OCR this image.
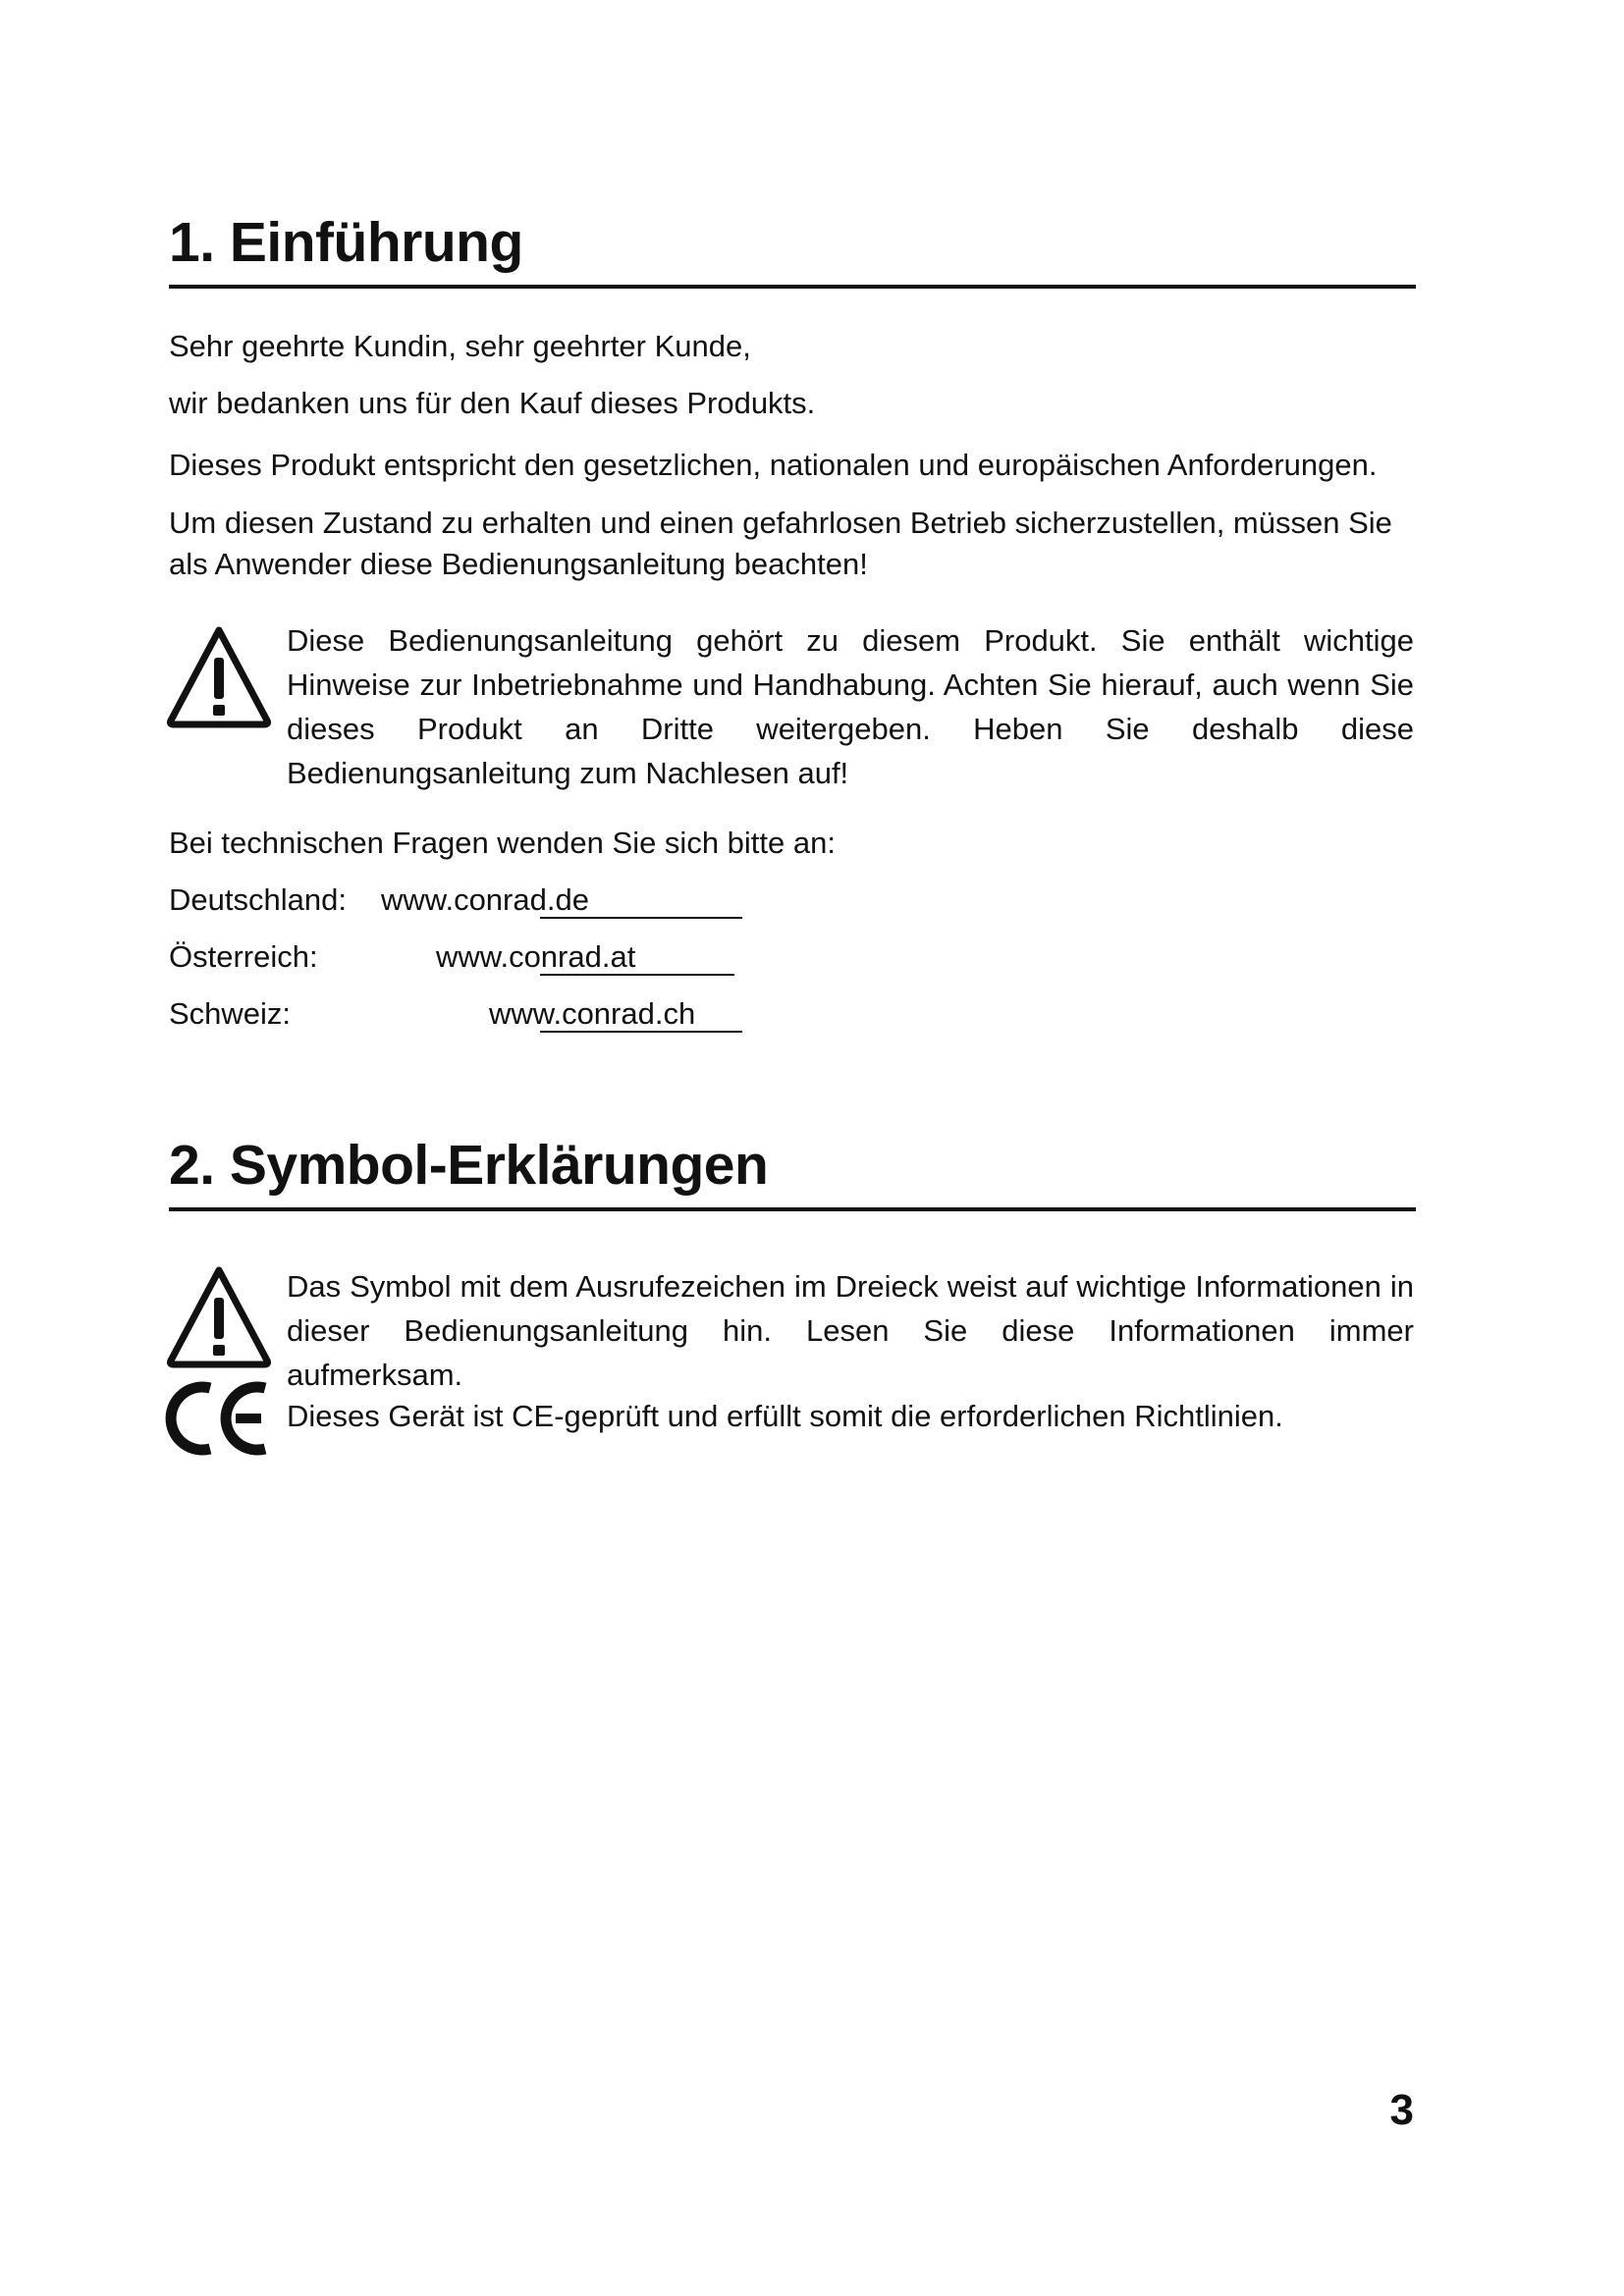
1. Einführung
Sehr geehrte Kundin, sehr geehrter Kunde,
wir bedanken uns für den Kauf dieses Produkts.
Dieses Produkt entspricht den gesetzlichen, nationalen und europäischen Anforderungen.
Um diesen Zustand zu erhalten und einen gefahrlosen Betrieb sicherzustellen, müssen Sie als Anwender diese Bedienungsanleitung beachten!
Diese Bedienungsanleitung gehört zu diesem Produkt. Sie enthält wichtige Hinweise zur Inbetriebnahme und Handhabung. Achten Sie hierauf, auch wenn Sie dieses Produkt an Dritte weitergeben. Heben Sie deshalb diese Bedienungsanleitung zum Nachlesen auf!
Bei technischen Fragen wenden Sie sich bitte an:
Deutschland: www.conrad.de
Österreich:	www.conrad.at
Schweiz:	www.conrad.ch
2. Symbol-Erklärungen
Das Symbol mit dem Ausrufezeichen im Dreieck weist auf wichtige Informationen in dieser Bedienungsanleitung hin. Lesen Sie diese Informationen immer aufmerksam.
Dieses Gerät ist CE-geprüft und erfüllt somit die erforderlichen Richtlinien.
3
